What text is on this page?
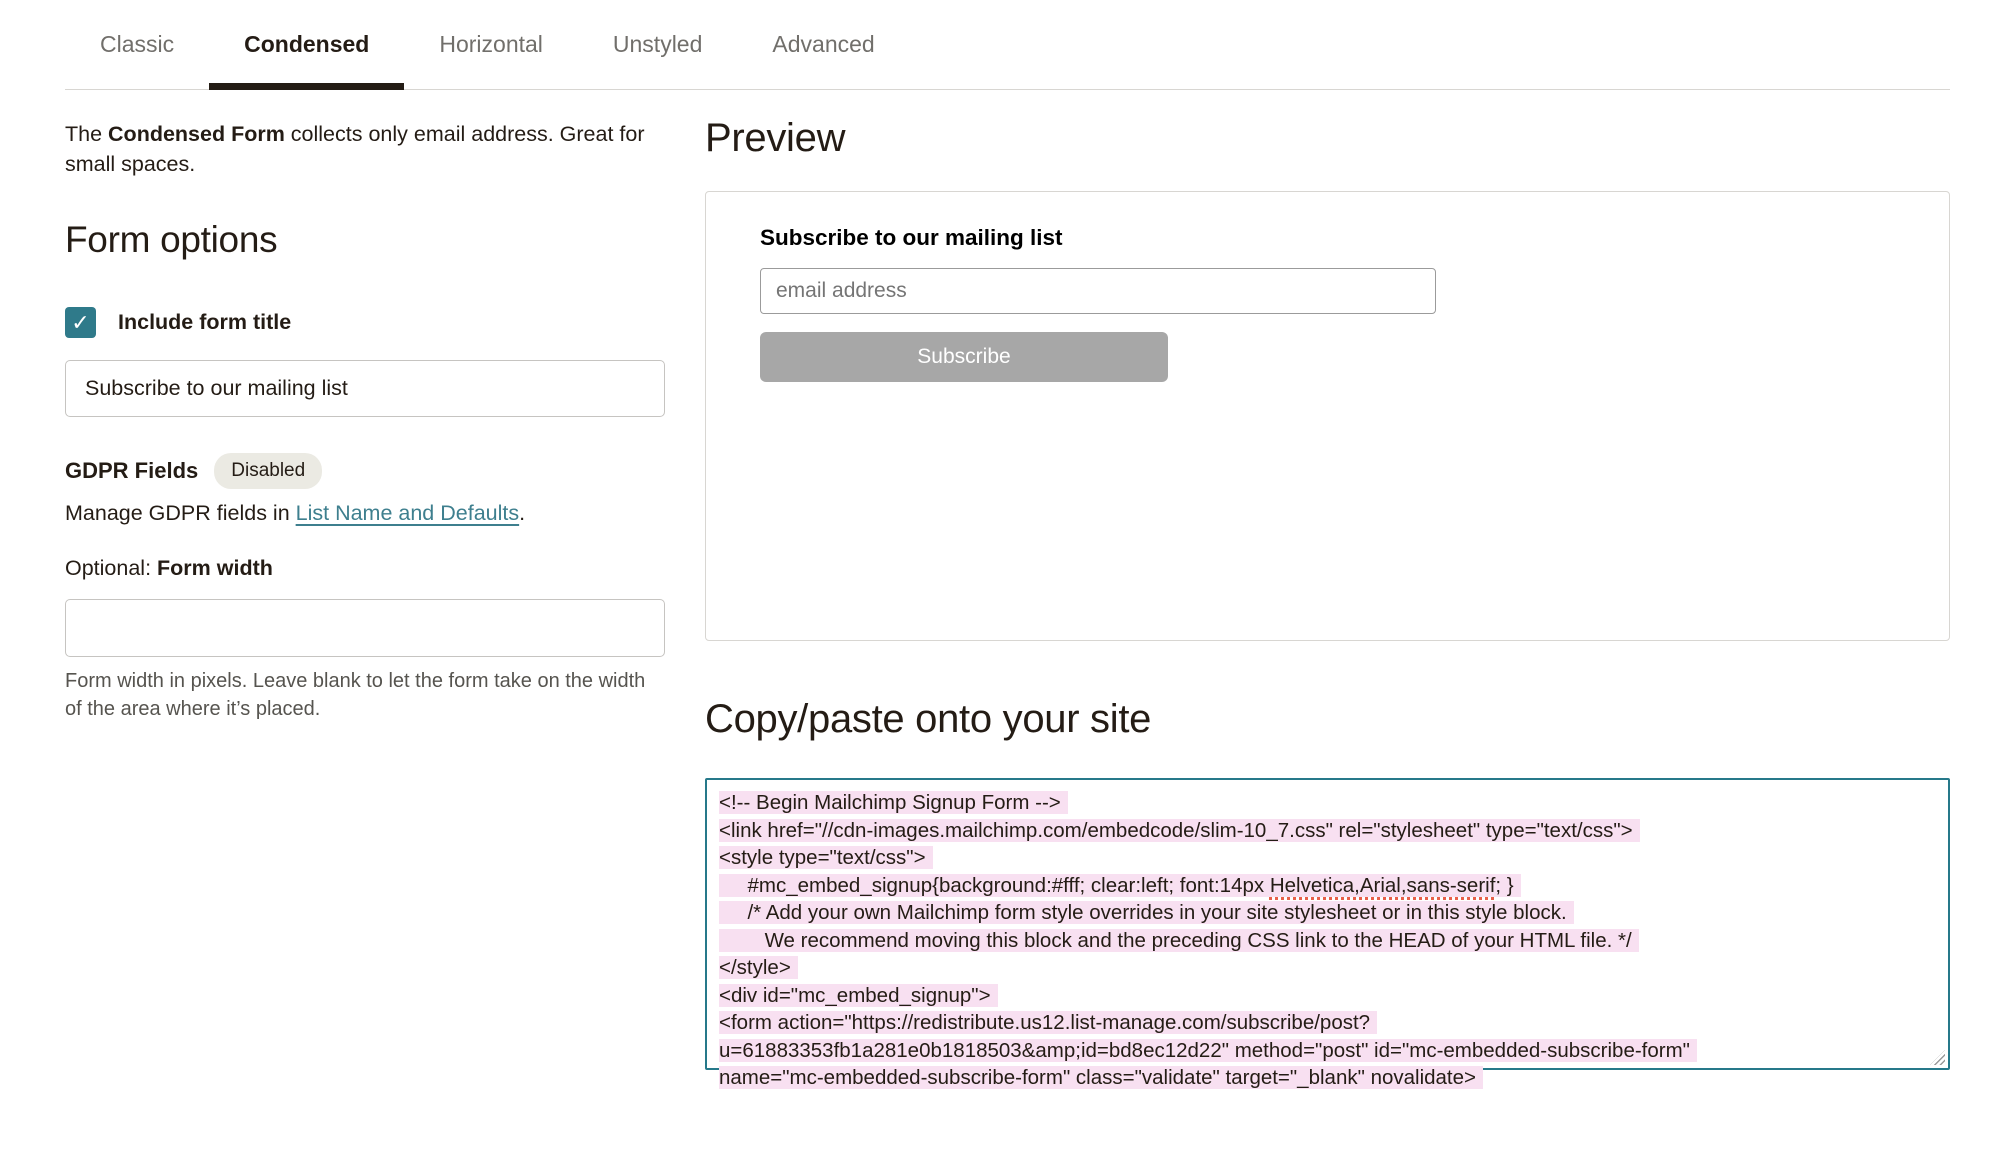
Classic	Condensed	Horizontal	Unstyled	Advanced

The Condensed Form collects only email address. Great for small spaces.

Form options
✓ Include form title
Subscribe to our mailing list
GDPR Fields	Disabled

Manage GDPR fields in List Name and Defaults.

Optional: Form width

Form width in pixels. Leave blank to let the form take on the width of the area where it’s placed.

Preview
Subscribe to our mailing list
email address Subscribe
Copy/paste onto your site
<!-- Begin Mailchimp Signup Form -->
<link href="//cdn-images.mailchimp.com/embedcode/slim-10_7.css" rel="stylesheet" type="text/css">
<style type="text/css">
#mc_embed_signup{background:#fff; clear:left; font:14px Helvetica,Arial,sans-serif; }
/* Add your own Mailchimp form style overrides in your site stylesheet or in this style block.
We recommend moving this block and the preceding CSS link to the HEAD of your HTML file. */
</style>
<div id="mc_embed_signup">
<form action="https://redistribute.us12.list-manage.com/subscribe/post?
u=61883353fb1a281e0b1818503&amp;id=bd8ec12d22" method="post" id="mc-embedded-subscribe-form"
name="mc-embedded-subscribe-form" class="validate" target="_blank" novalidate>
